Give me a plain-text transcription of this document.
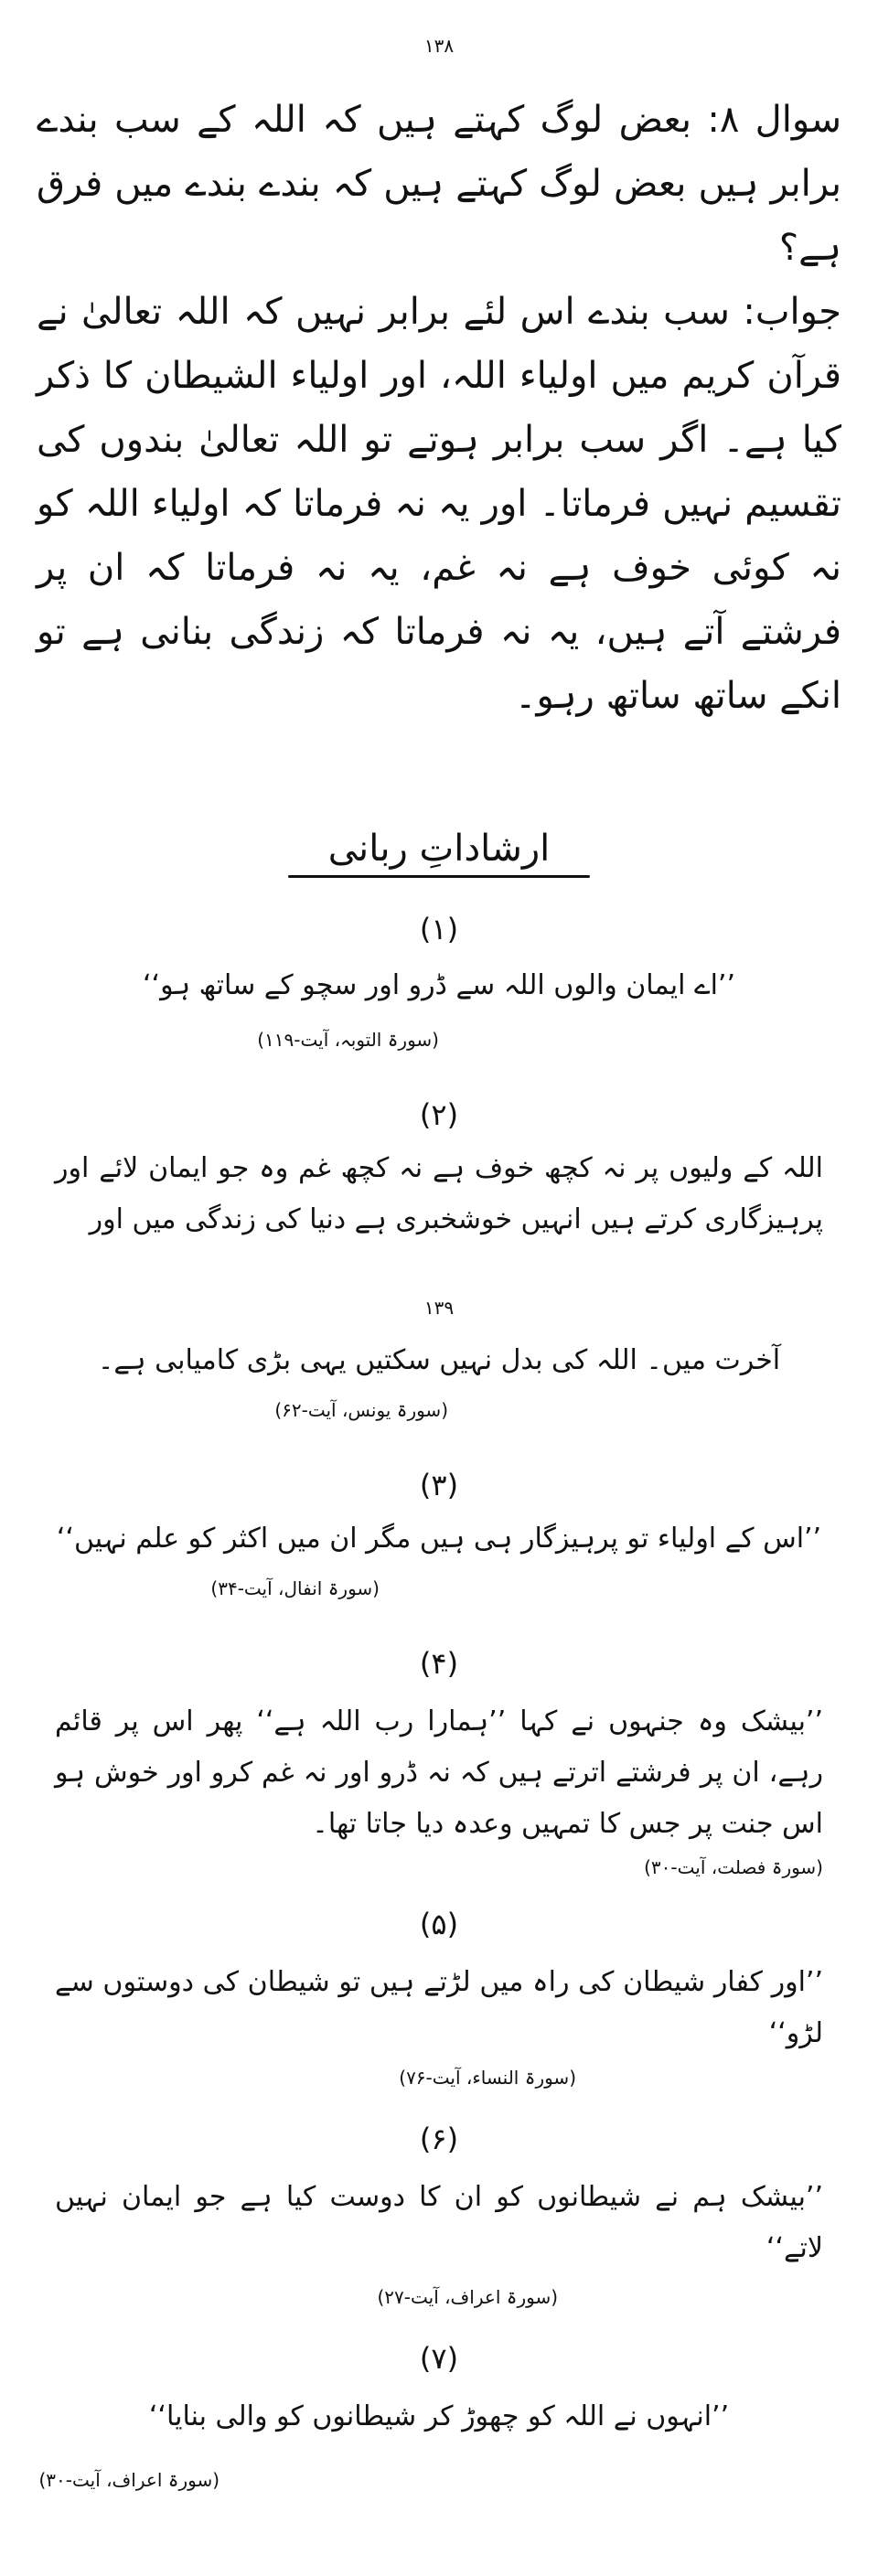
۱۳۸

سوال ۸: بعض لوگ کہتے ہیں کہ اللہ کے سب بندے برابر ہیں بعض لوگ کہتے ہیں کہ بندے بندے میں فرق ہے؟

جواب: سب بندے اس لئے برابر نہیں کہ اللہ تعالیٰ نے قرآن کریم میں اولیاء اللہ، اور اولیاء الشیطان کا ذکر کیا ہے۔ اگر سب برابر ہوتے تو اللہ تعالیٰ بندوں کی تقسیم نہیں فرماتا۔ اور یہ نہ فرماتا کہ اولیاء اللہ کو نہ کوئی خوف ہے نہ غم، یہ نہ فرماتا کہ ان پر فرشتے آتے ہیں، یہ نہ فرماتا کہ زندگی بنانی ہے تو انکے ساتھ ساتھ رہو۔

ارشاداتِ ربانی
(۱)
’’اے ایمان والوں اللہ سے ڈرو اور سچو کے ساتھ ہو‘‘
(سورۃ التوبہ، آیت-۱۱۹)
(۲)
اللہ کے ولیوں پر نہ کچھ خوف ہے نہ کچھ غم وہ جو ایمان لائے اور پرہیزگاری کرتے ہیں انہیں خوشخبری ہے دنیا کی زندگی میں اور
۱۳۹
آخرت میں۔ اللہ کی بدل نہیں سکتیں یہی بڑی کامیابی ہے۔
(سورۃ یونس، آیت-۶۲)
(۳)
’’اس کے اولیاء تو پرہیزگار ہی ہیں مگر ان میں اکثر کو علم نہیں‘‘
(سورۃ انفال، آیت-۳۴)
(۴)
’’بیشک وہ جنہوں نے کہا ’’ہمارا رب اللہ ہے‘‘ پھر اس پر قائم رہے، ان پر فرشتے اترتے ہیں کہ نہ ڈرو اور نہ غم کرو اور خوش ہو اس جنت پر جس کا تمہیں وعدہ دیا جاتا تھا۔
(سورۃ فصلت، آیت-۳۰)
(۵)
’’اور کفار شیطان کی راہ میں لڑتے ہیں تو شیطان کی دوستوں سے لڑو‘‘
(سورۃ النساء، آیت-۷۶)
(۶)
’’بیشک ہم نے شیطانوں کو ان کا دوست کیا ہے جو ایمان نہیں لاتے‘‘
(سورۃ اعراف، آیت-۲۷)
(۷)
’’انہوں نے اللہ کو چھوڑ کر شیطانوں کو والی بنایا‘‘
(سورۃ اعراف، آیت-۳۰)
